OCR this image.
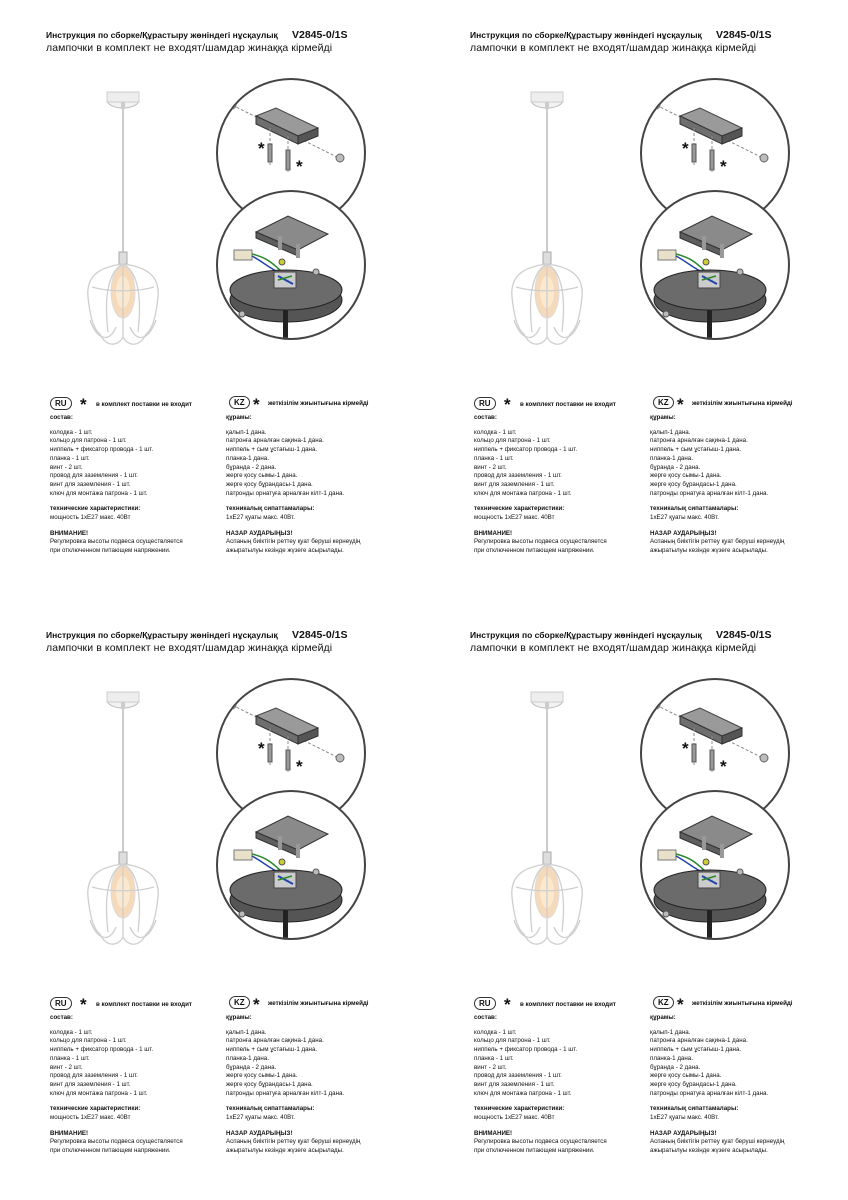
Инструкция по сборке/Құрастыру жөніндегі нұсқаулық V2845-0/1S
лампочки в комплект не входят/шамдар жинаққа кірмейді
*
*
RU * в комплект поставки не входит	KZ * жеткізілім жиынтығына кірмейді
состав:
колодка - 1 шт.
кольцо для патрона - 1 шт.
ниппель + фиксатор провода - 1 шт.
планка - 1 шт.
винт - 2 шт.
провод для заземления - 1 шт.
винт для заземления - 1 шт.
ключ для монтажа патрона - 1 шт.
технические характеристики:
мощность 1хЕ27 макс. 40Вт
ВНИМАНИЕ!
Регулировка высоты подвеса осуществляется
при отключенном питающем напряжении.
құрамы:
қалып-1 дана.
патронға арналған сақина-1 дана.
ниппель + сым ұстағыш-1 дана.
планка-1 дана.
бұранда - 2 дана.
жерге қосу сымы-1 дана.
жерге қосу бұрандасы-1 дана.
патронды орнатуға арналған кілт-1 дана.
техникалық сипаттамалары:
1хЕ27 қуаты макс. 40Вт.
НАЗАР АУДАРЫҢЫЗ!
Аспаның биіктігін реттеу қуат беруші кернеудің
ажыратылуы кезінде жүзеге асырылады.
Инструкция по сборке/Құрастыру жөніндегі нұсқаулық V2845-0/1S
лампочки в комплект не входят/шамдар жинаққа кірмейді
*
*
RU * в комплект поставки не входит	KZ * жеткізілім жиынтығына кірмейді
состав:
колодка - 1 шт.
кольцо для патрона - 1 шт.
ниппель + фиксатор провода - 1 шт.
планка - 1 шт.
винт - 2 шт.
провод для заземления - 1 шт.
винт для заземления - 1 шт.
ключ для монтажа патрона - 1 шт.
технические характеристики:
мощность 1хЕ27 макс. 40Вт
ВНИМАНИЕ!
Регулировка высоты подвеса осуществляется
при отключенном питающем напряжении.
құрамы:
қалып-1 дана.
патронға арналған сақина-1 дана.
ниппель + сым ұстағыш-1 дана.
планка-1 дана.
бұранда - 2 дана.
жерге қосу сымы-1 дана.
жерге қосу бұрандасы-1 дана.
патронды орнатуға арналған кілт-1 дана.
техникалық сипаттамалары:
1хЕ27 қуаты макс. 40Вт.
НАЗАР АУДАРЫҢЫЗ!
Аспаның биіктігін реттеу қуат беруші кернеудің
ажыратылуы кезінде жүзеге асырылады.
Инструкция по сборке/Құрастыру жөніндегі нұсқаулық V2845-0/1S
лампочки в комплект не входят/шамдар жинаққа кірмейді
*
*
RU * в комплект поставки не входит	KZ * жеткізілім жиынтығына кірмейді
состав:
колодка - 1 шт.
кольцо для патрона - 1 шт.
ниппель + фиксатор провода - 1 шт.
планка - 1 шт.
винт - 2 шт.
провод для заземления - 1 шт.
винт для заземления - 1 шт.
ключ для монтажа патрона - 1 шт.
технические характеристики:
мощность 1хЕ27 макс. 40Вт
ВНИМАНИЕ!
Регулировка высоты подвеса осуществляется
при отключенном питающем напряжении.
құрамы:
қалып-1 дана.
патронға арналған сақина-1 дана.
ниппель + сым ұстағыш-1 дана.
планка-1 дана.
бұранда - 2 дана.
жерге қосу сымы-1 дана.
жерге қосу бұрандасы-1 дана.
патронды орнатуға арналған кілт-1 дана.
техникалық сипаттамалары:
1хЕ27 қуаты макс. 40Вт.
НАЗАР АУДАРЫҢЫЗ!
Аспаның биіктігін реттеу қуат беруші кернеудің
ажыратылуы кезінде жүзеге асырылады.
Инструкция по сборке/Құрастыру жөніндегі нұсқаулық V2845-0/1S
лампочки в комплект не входят/шамдар жинаққа кірмейді
*
*
RU * в комплект поставки не входит	KZ * жеткізілім жиынтығына кірмейді
состав:
колодка - 1 шт.
кольцо для патрона - 1 шт.
ниппель + фиксатор провода - 1 шт.
планка - 1 шт.
винт - 2 шт.
провод для заземления - 1 шт.
винт для заземления - 1 шт.
ключ для монтажа патрона - 1 шт.
технические характеристики:
мощность 1хЕ27 макс. 40Вт
ВНИМАНИЕ!
Регулировка высоты подвеса осуществляется
при отключенном питающем напряжении.
құрамы:
қалып-1 дана.
патронға арналған сақина-1 дана.
ниппель + сым ұстағыш-1 дана.
планка-1 дана.
бұранда - 2 дана.
жерге қосу сымы-1 дана.
жерге қосу бұрандасы-1 дана.
патронды орнатуға арналған кілт-1 дана.
техникалық сипаттамалары:
1хЕ27 қуаты макс. 40Вт.
НАЗАР АУДАРЫҢЫЗ!
Аспаның биіктігін реттеу қуат беруші кернеудің
ажыратылуы кезінде жүзеге асырылады.
